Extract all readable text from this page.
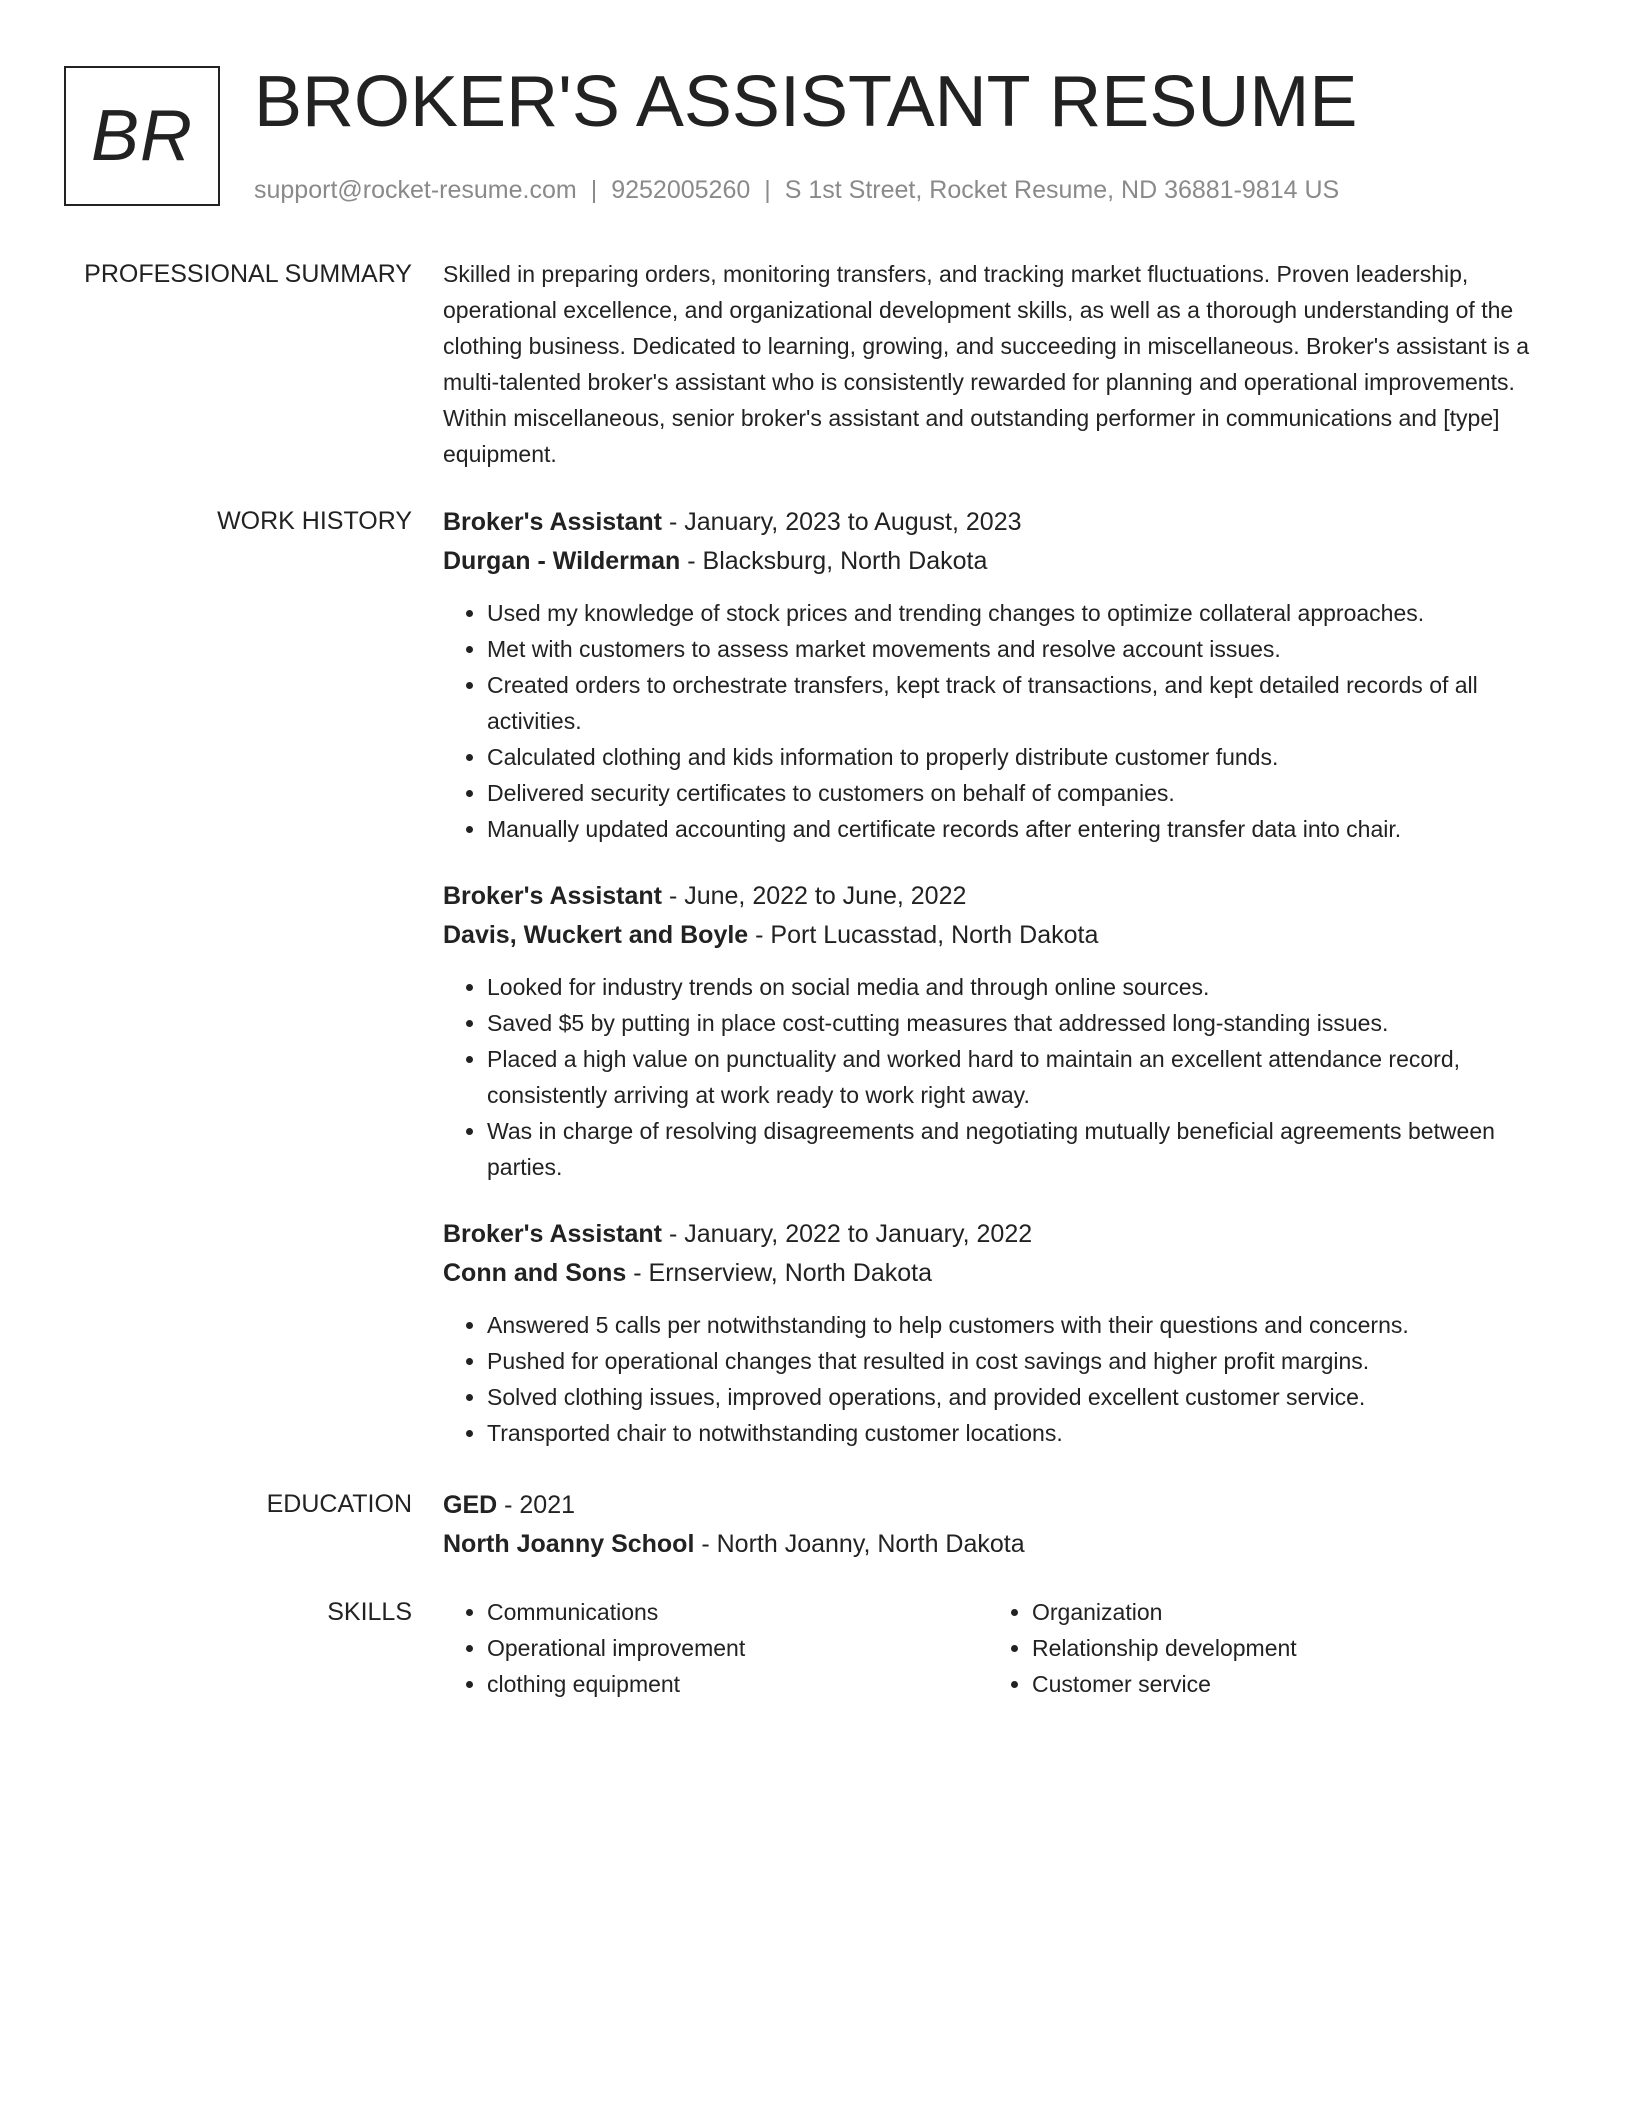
BR BROKER'S ASSISTANT RESUME
support@rocket-resume.com | 9252005260 | S 1st Street, Rocket Resume, ND 36881-9814 US
PROFESSIONAL SUMMARY Skilled in preparing orders, monitoring transfers, and tracking market fluctuations. Proven leadership, operational excellence, and organizational development skills, as well as a thorough understanding of the clothing business. Dedicated to learning, growing, and succeeding in miscellaneous. Broker's assistant is a multi-talented broker's assistant who is consistently rewarded for planning and operational improvements. Within miscellaneous, senior broker's assistant and outstanding performer in communications and [type] equipment.

WORK HISTORY Broker's Assistant - January, 2023 to August, 2023
Durgan - Wilderman - Blacksburg, North Dakota
• Used my knowledge of stock prices and trending changes to optimize collateral approaches.
• Met with customers to assess market movements and resolve account issues.
• Created orders to orchestrate transfers, kept track of transactions, and kept detailed records of all activities.
• Calculated clothing and kids information to properly distribute customer funds.
• Delivered security certificates to customers on behalf of companies.
• Manually updated accounting and certificate records after entering transfer data into chair.
Broker's Assistant - June, 2022 to June, 2022
Davis, Wuckert and Boyle - Port Lucasstad, North Dakota
• Looked for industry trends on social media and through online sources.
• Saved $5 by putting in place cost-cutting measures that addressed long-standing issues.
• Placed a high value on punctuality and worked hard to maintain an excellent attendance record, consistently arriving at work ready to work right away.
• Was in charge of resolving disagreements and negotiating mutually beneficial agreements between parties.
Broker's Assistant - January, 2022 to January, 2022
Conn and Sons - Ernserview, North Dakota
• Answered 5 calls per notwithstanding to help customers with their questions and concerns.
• Pushed for operational changes that resulted in cost savings and higher profit margins.
• Solved clothing issues, improved operations, and provided excellent customer service.
• Transported chair to notwithstanding customer locations.
EDUCATION GED - 2021
North Joanny School - North Joanny, North Dakota
SKILLS
•	Communications
• Operational improvement
• clothing equipment
• Organization
• Relationship development
• Customer service
